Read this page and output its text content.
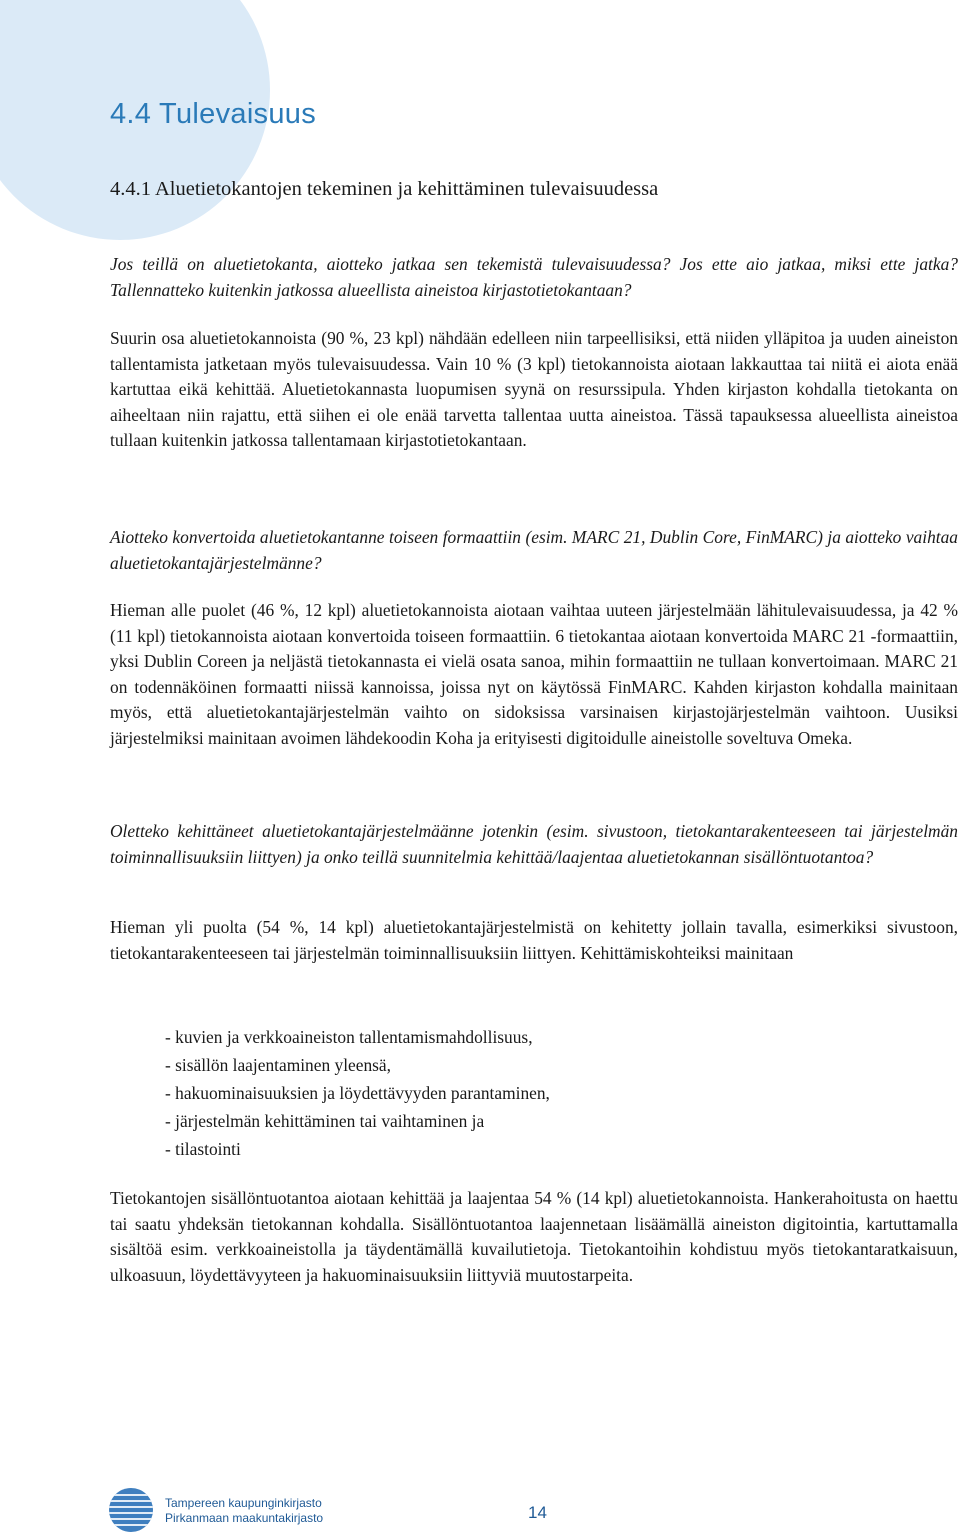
4.4 Tulevaisuus
4.4.1 Aluetietokantojen tekeminen ja kehittäminen tulevaisuudessa

Jos teillä on aluetietokanta, aiotteko jatkaa sen tekemistä tulevaisuudessa? Jos ette aio jatkaa, miksi ette jatka? Tallennatteko kuitenkin jatkossa alueellista aineistoa kirjastotietokantaan?

Suurin osa aluetietokannoista (90 %, 23 kpl) nähdään edelleen niin tarpeellisiksi, että niiden ylläpitoa ja uuden aineiston tallentamista jatketaan myös tulevaisuudessa. Vain 10 % (3 kpl) tietokannoista aiotaan lakkauttaa tai niitä ei aiota enää kartuttaa eikä kehittää. Aluetietokannasta luopumisen syynä on resurssipula. Yhden kirjaston kohdalla tietokanta on aiheeltaan niin rajattu, että siihen ei ole enää tarvetta tallentaa uutta aineistoa. Tässä tapauksessa alueellista aineistoa tullaan kuitenkin jatkossa tallentamaan kirjastotietokantaan.

Aiotteko konvertoida aluetietokantanne toiseen formaattiin (esim. MARC 21, Dublin Core, FinMARC) ja aiotteko vaihtaa aluetietokantajärjestelmänne?

Hieman alle puolet (46 %, 12 kpl) aluetietokannoista aiotaan vaihtaa uuteen järjestelmään lähitulevaisuudessa, ja 42 % (11 kpl) tietokannoista aiotaan konvertoida toiseen formaattiin. 6 tietokantaa aiotaan konvertoida MARC 21 -formaattiin, yksi Dublin Coreen ja neljästä tietokannasta ei vielä osata sanoa, mihin formaattiin ne tullaan konvertoimaan. MARC 21 on todennäköinen formaatti niissä kannoissa, joissa nyt on käytössä FinMARC. Kahden kirjaston kohdalla mainitaan myös, että aluetietokantajärjestelmän vaihto on sidoksissa varsinaisen kirjastojärjestelmän vaihtoon. Uusiksi järjestelmiksi mainitaan avoimen lähdekoodin Koha ja erityisesti digitoidulle aineistolle soveltuva Omeka.

Oletteko kehittäneet aluetietokantajärjestelmäänne jotenkin (esim. sivustoon, tietokantarakenteeseen tai järjestelmän toiminnallisuuksiin liittyen) ja onko teillä suunnitelmia kehittää/laajentaa aluetietokannan sisällöntuotantoa?

Hieman yli puolta (54 %, 14 kpl) aluetietokantajärjestelmistä on kehitetty jollain tavalla, esimerkiksi sivustoon, tietokantarakenteeseen tai järjestelmän toiminnallisuuksiin liittyen. Kehittämiskohteiksi mainitaan

- kuvien ja verkkoaineiston tallentamismahdollisuus,
- sisällön laajentaminen yleensä,
- hakuominaisuuksien ja löydettävyyden parantaminen,
- järjestelmän kehittäminen tai vaihtaminen ja
- tilastointi

Tietokantojen sisällöntuotantoa aiotaan kehittää ja laajentaa 54 % (14 kpl) aluetietokannoista. Hankerahoitusta on haettu tai saatu yhdeksän tietokannan kohdalla. Sisällöntuotantoa laajennetaan lisäämällä aineiston digitointia, kartuttamalla sisältöä esim. verkkoaineistolla ja täydentämällä kuvailutietoja. Tietokantoihin kohdistuu myös tietokantaratkaisuun, ulkoasuun, löydettävyyteen ja hakuominaisuuksiin liittyviä muutostarpeita.

Tampereen kaupunginkirjasto
Pirkanmaan maakuntakirjasto	14
